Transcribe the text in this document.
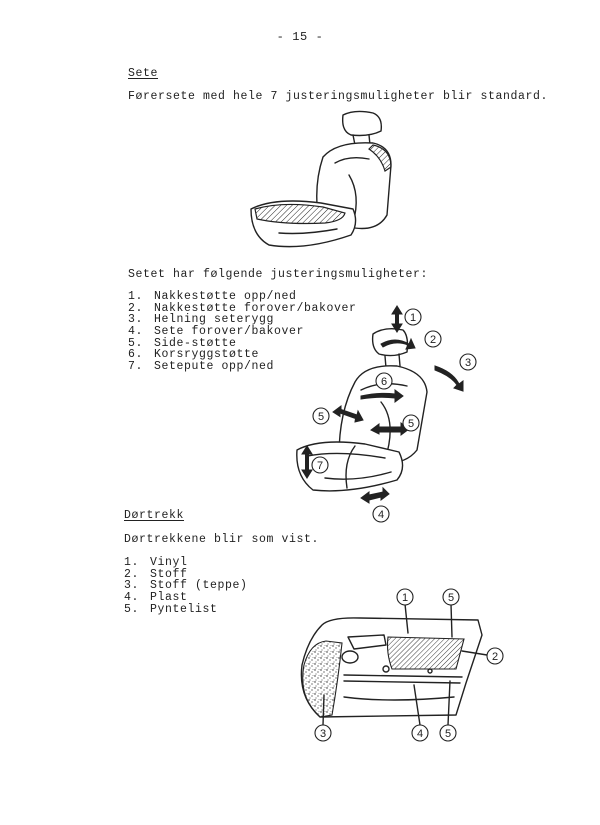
- 15 -
Sete
Førersete med hele 7 justeringsmuligheter blir standard.
Setet har følgende justeringsmuligheter:
1. Nakkestøtte opp/ned
2. Nakkestøtte forover/bakover
3. Helning seterygg
4. Sete forover/bakover
5. Side-støtte
6. Korsryggstøtte
7. Setepute opp/ned
1
2
3
6
5
5
7
4
Dørtrekk
Dørtrekkene blir som vist.
1. Vinyl
2. Stoff
3. Stoff (teppe)
4. Plast
5. Pyntelist
1	5
2
3	4 5
